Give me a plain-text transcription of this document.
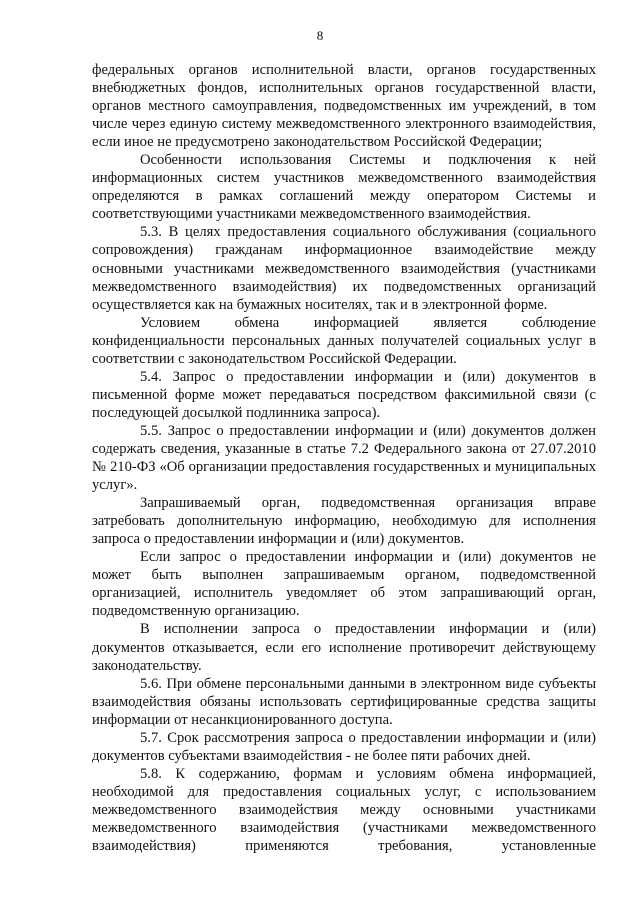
8

федеральных органов исполнительной власти, органов государственных внебюджетных фондов, исполнительных органов государственной власти, органов местного самоуправления, подведомственных им учреждений, в том числе через единую систему межведомственного электронного взаимодействия, если иное не предусмотрено законодательством Российской Федерации;

Особенности использования Системы и подключения к ней информационных систем участников межведомственного взаимодействия определяются в рамках соглашений между оператором Системы и соответствующими участниками межведомственного взаимодействия.

5.3. В целях предоставления социального обслуживания (социального сопровождения) гражданам информационное взаимодействие между основными участниками межведомственного взаимодействия (участниками межведомственного взаимодействия) их подведомственных организаций осуществляется как на бумажных носителях, так и в электронной форме.

Условием обмена информацией является соблюдение конфиденциальности персональных данных получателей социальных услуг в соответствии с законодательством Российской Федерации.

5.4. Запрос о предоставлении информации и (или) документов в письменной форме может передаваться посредством факсимильной связи (с последующей досылкой подлинника запроса).

5.5. Запрос о предоставлении информации и (или) документов должен содержать сведения, указанные в статье 7.2 Федерального закона от 27.07.2010 № 210-ФЗ «Об организации предоставления государственных и муниципальных услуг».

Запрашиваемый орган, подведомственная организация вправе затребовать дополнительную информацию, необходимую для исполнения запроса о предоставлении информации и (или) документов.

Если запрос о предоставлении информации и (или) документов не может быть выполнен запрашиваемым органом, подведомственной организацией, исполнитель уведомляет об этом запрашивающий орган, подведомственную организацию.

В исполнении запроса о предоставлении информации и (или) документов отказывается, если его исполнение противоречит действующему законодательству.

5.6. При обмене персональными данными в электронном виде субъекты взаимодействия обязаны использовать сертифицированные средства защиты информации от несанкционированного доступа.

5.7. Срок рассмотрения запроса о предоставлении информации и (или) документов субъектами взаимодействия - не более пяти рабочих дней.

5.8. К содержанию, формам и условиям обмена информацией, необходимой для предоставления социальных услуг, с использованием межведомственного взаимодействия между основными участниками межведомственного взаимодействия (участниками межведомственного взаимодействия) применяются требования, установленные
